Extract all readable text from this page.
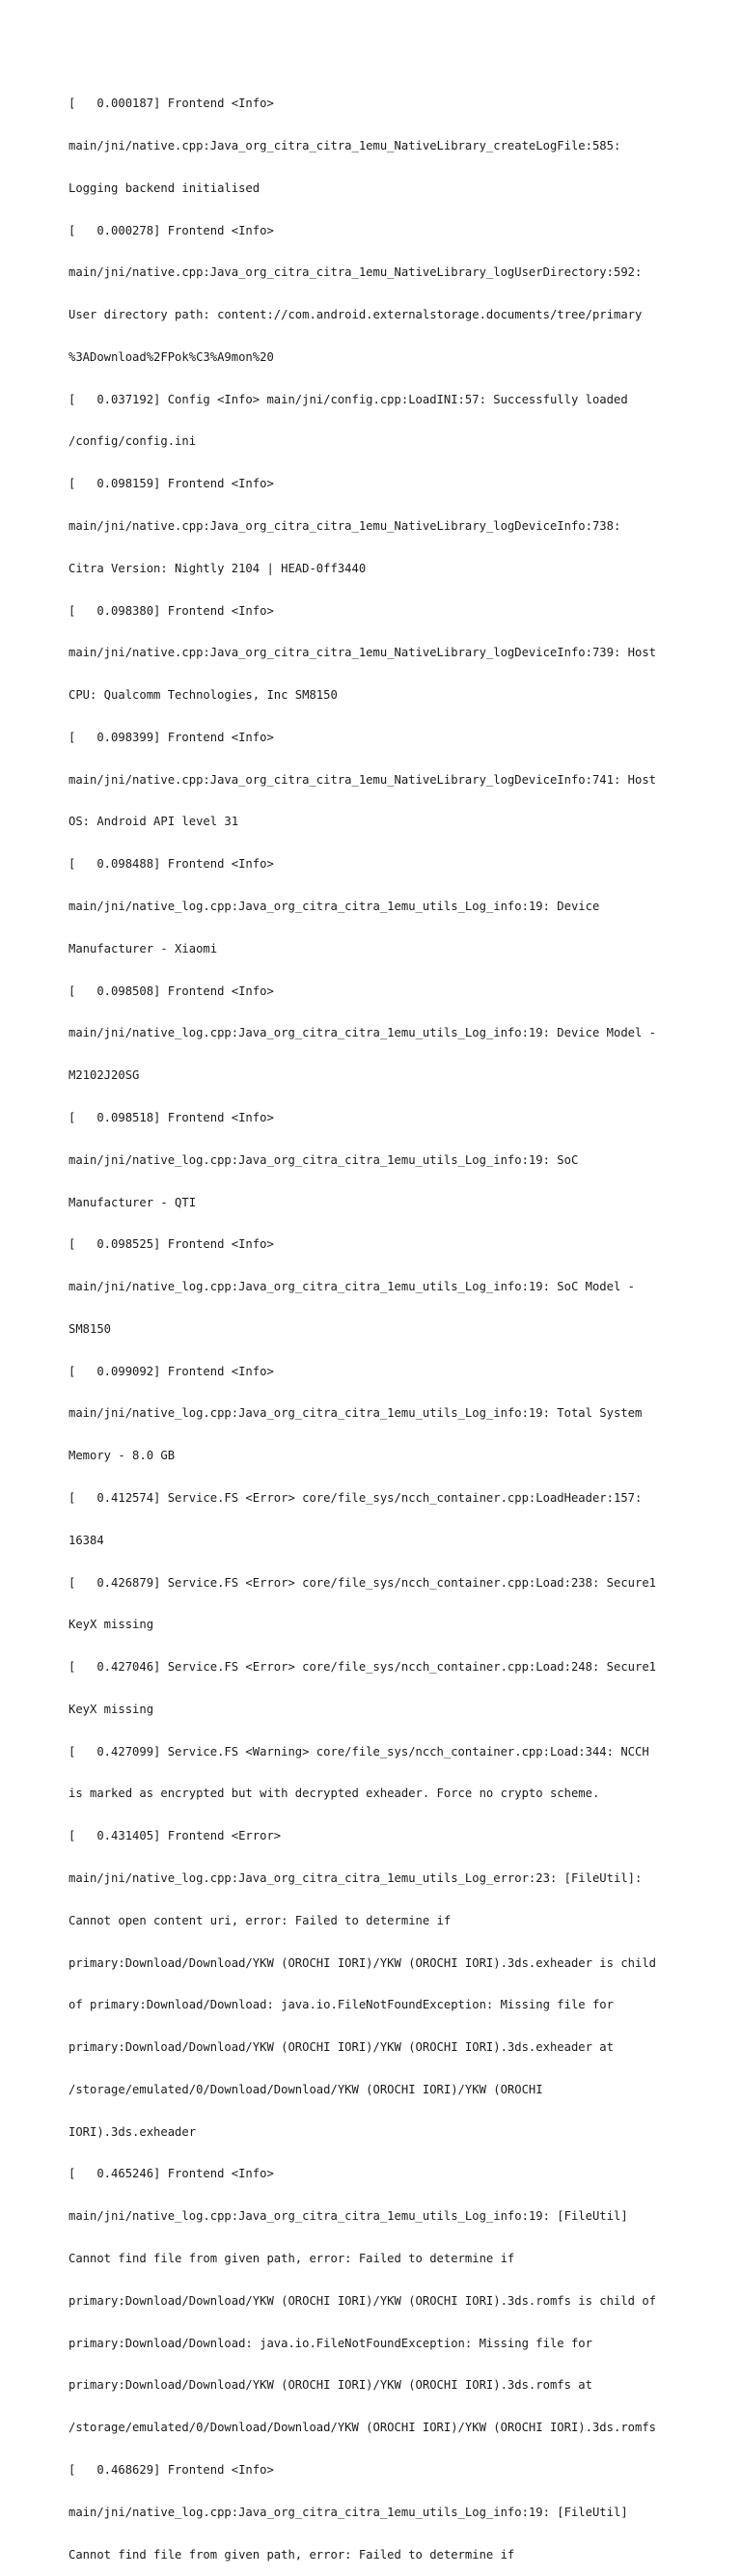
[   0.000187] Frontend <Info>

main/jni/native.cpp:Java_org_citra_citra_1emu_NativeLibrary_createLogFile:585:

Logging backend initialised

[   0.000278] Frontend <Info>

main/jni/native.cpp:Java_org_citra_citra_1emu_NativeLibrary_logUserDirectory:592:

User directory path: content://com.android.externalstorage.documents/tree/primary

%3ADownload%2FPok%C3%A9mon%20

[   0.037192] Config <Info> main/jni/config.cpp:LoadINI:57: Successfully loaded

/config/config.ini

[   0.098159] Frontend <Info>

main/jni/native.cpp:Java_org_citra_citra_1emu_NativeLibrary_logDeviceInfo:738:

Citra Version: Nightly 2104 | HEAD-0ff3440

[   0.098380] Frontend <Info>

main/jni/native.cpp:Java_org_citra_citra_1emu_NativeLibrary_logDeviceInfo:739: Host

CPU: Qualcomm Technologies, Inc SM8150

[   0.098399] Frontend <Info>

main/jni/native.cpp:Java_org_citra_citra_1emu_NativeLibrary_logDeviceInfo:741: Host

OS: Android API level 31

[   0.098488] Frontend <Info>

main/jni/native_log.cpp:Java_org_citra_citra_1emu_utils_Log_info:19: Device

Manufacturer - Xiaomi

[   0.098508] Frontend <Info>

main/jni/native_log.cpp:Java_org_citra_citra_1emu_utils_Log_info:19: Device Model -

M2102J20SG

[   0.098518] Frontend <Info>

main/jni/native_log.cpp:Java_org_citra_citra_1emu_utils_Log_info:19: SoC

Manufacturer - QTI

[   0.098525] Frontend <Info>

main/jni/native_log.cpp:Java_org_citra_citra_1emu_utils_Log_info:19: SoC Model -

SM8150

[   0.099092] Frontend <Info>

main/jni/native_log.cpp:Java_org_citra_citra_1emu_utils_Log_info:19: Total System

Memory - 8.0 GB

[   0.412574] Service.FS <Error> core/file_sys/ncch_container.cpp:LoadHeader:157:

16384

[   0.426879] Service.FS <Error> core/file_sys/ncch_container.cpp:Load:238: Secure1

KeyX missing

[   0.427046] Service.FS <Error> core/file_sys/ncch_container.cpp:Load:248: Secure1

KeyX missing

[   0.427099] Service.FS <Warning> core/file_sys/ncch_container.cpp:Load:344: NCCH

is marked as encrypted but with decrypted exheader. Force no crypto scheme.

[   0.431405] Frontend <Error>

main/jni/native_log.cpp:Java_org_citra_citra_1emu_utils_Log_error:23: [FileUtil]:

Cannot open content uri, error: Failed to determine if

primary:Download/Download/YKW (OROCHI IORI)/YKW (OROCHI IORI).3ds.exheader is child

of primary:Download/Download: java.io.FileNotFoundException: Missing file for

primary:Download/Download/YKW (OROCHI IORI)/YKW (OROCHI IORI).3ds.exheader at

/storage/emulated/0/Download/Download/YKW (OROCHI IORI)/YKW (OROCHI

IORI).3ds.exheader

[   0.465246] Frontend <Info>

main/jni/native_log.cpp:Java_org_citra_citra_1emu_utils_Log_info:19: [FileUtil]

Cannot find file from given path, error: Failed to determine if

primary:Download/Download/YKW (OROCHI IORI)/YKW (OROCHI IORI).3ds.romfs is child of

primary:Download/Download: java.io.FileNotFoundException: Missing file for

primary:Download/Download/YKW (OROCHI IORI)/YKW (OROCHI IORI).3ds.romfs at

/storage/emulated/0/Download/Download/YKW (OROCHI IORI)/YKW (OROCHI IORI).3ds.romfs

[   0.468629] Frontend <Info>

main/jni/native_log.cpp:Java_org_citra_citra_1emu_utils_Log_info:19: [FileUtil]

Cannot find file from given path, error: Failed to determine if
